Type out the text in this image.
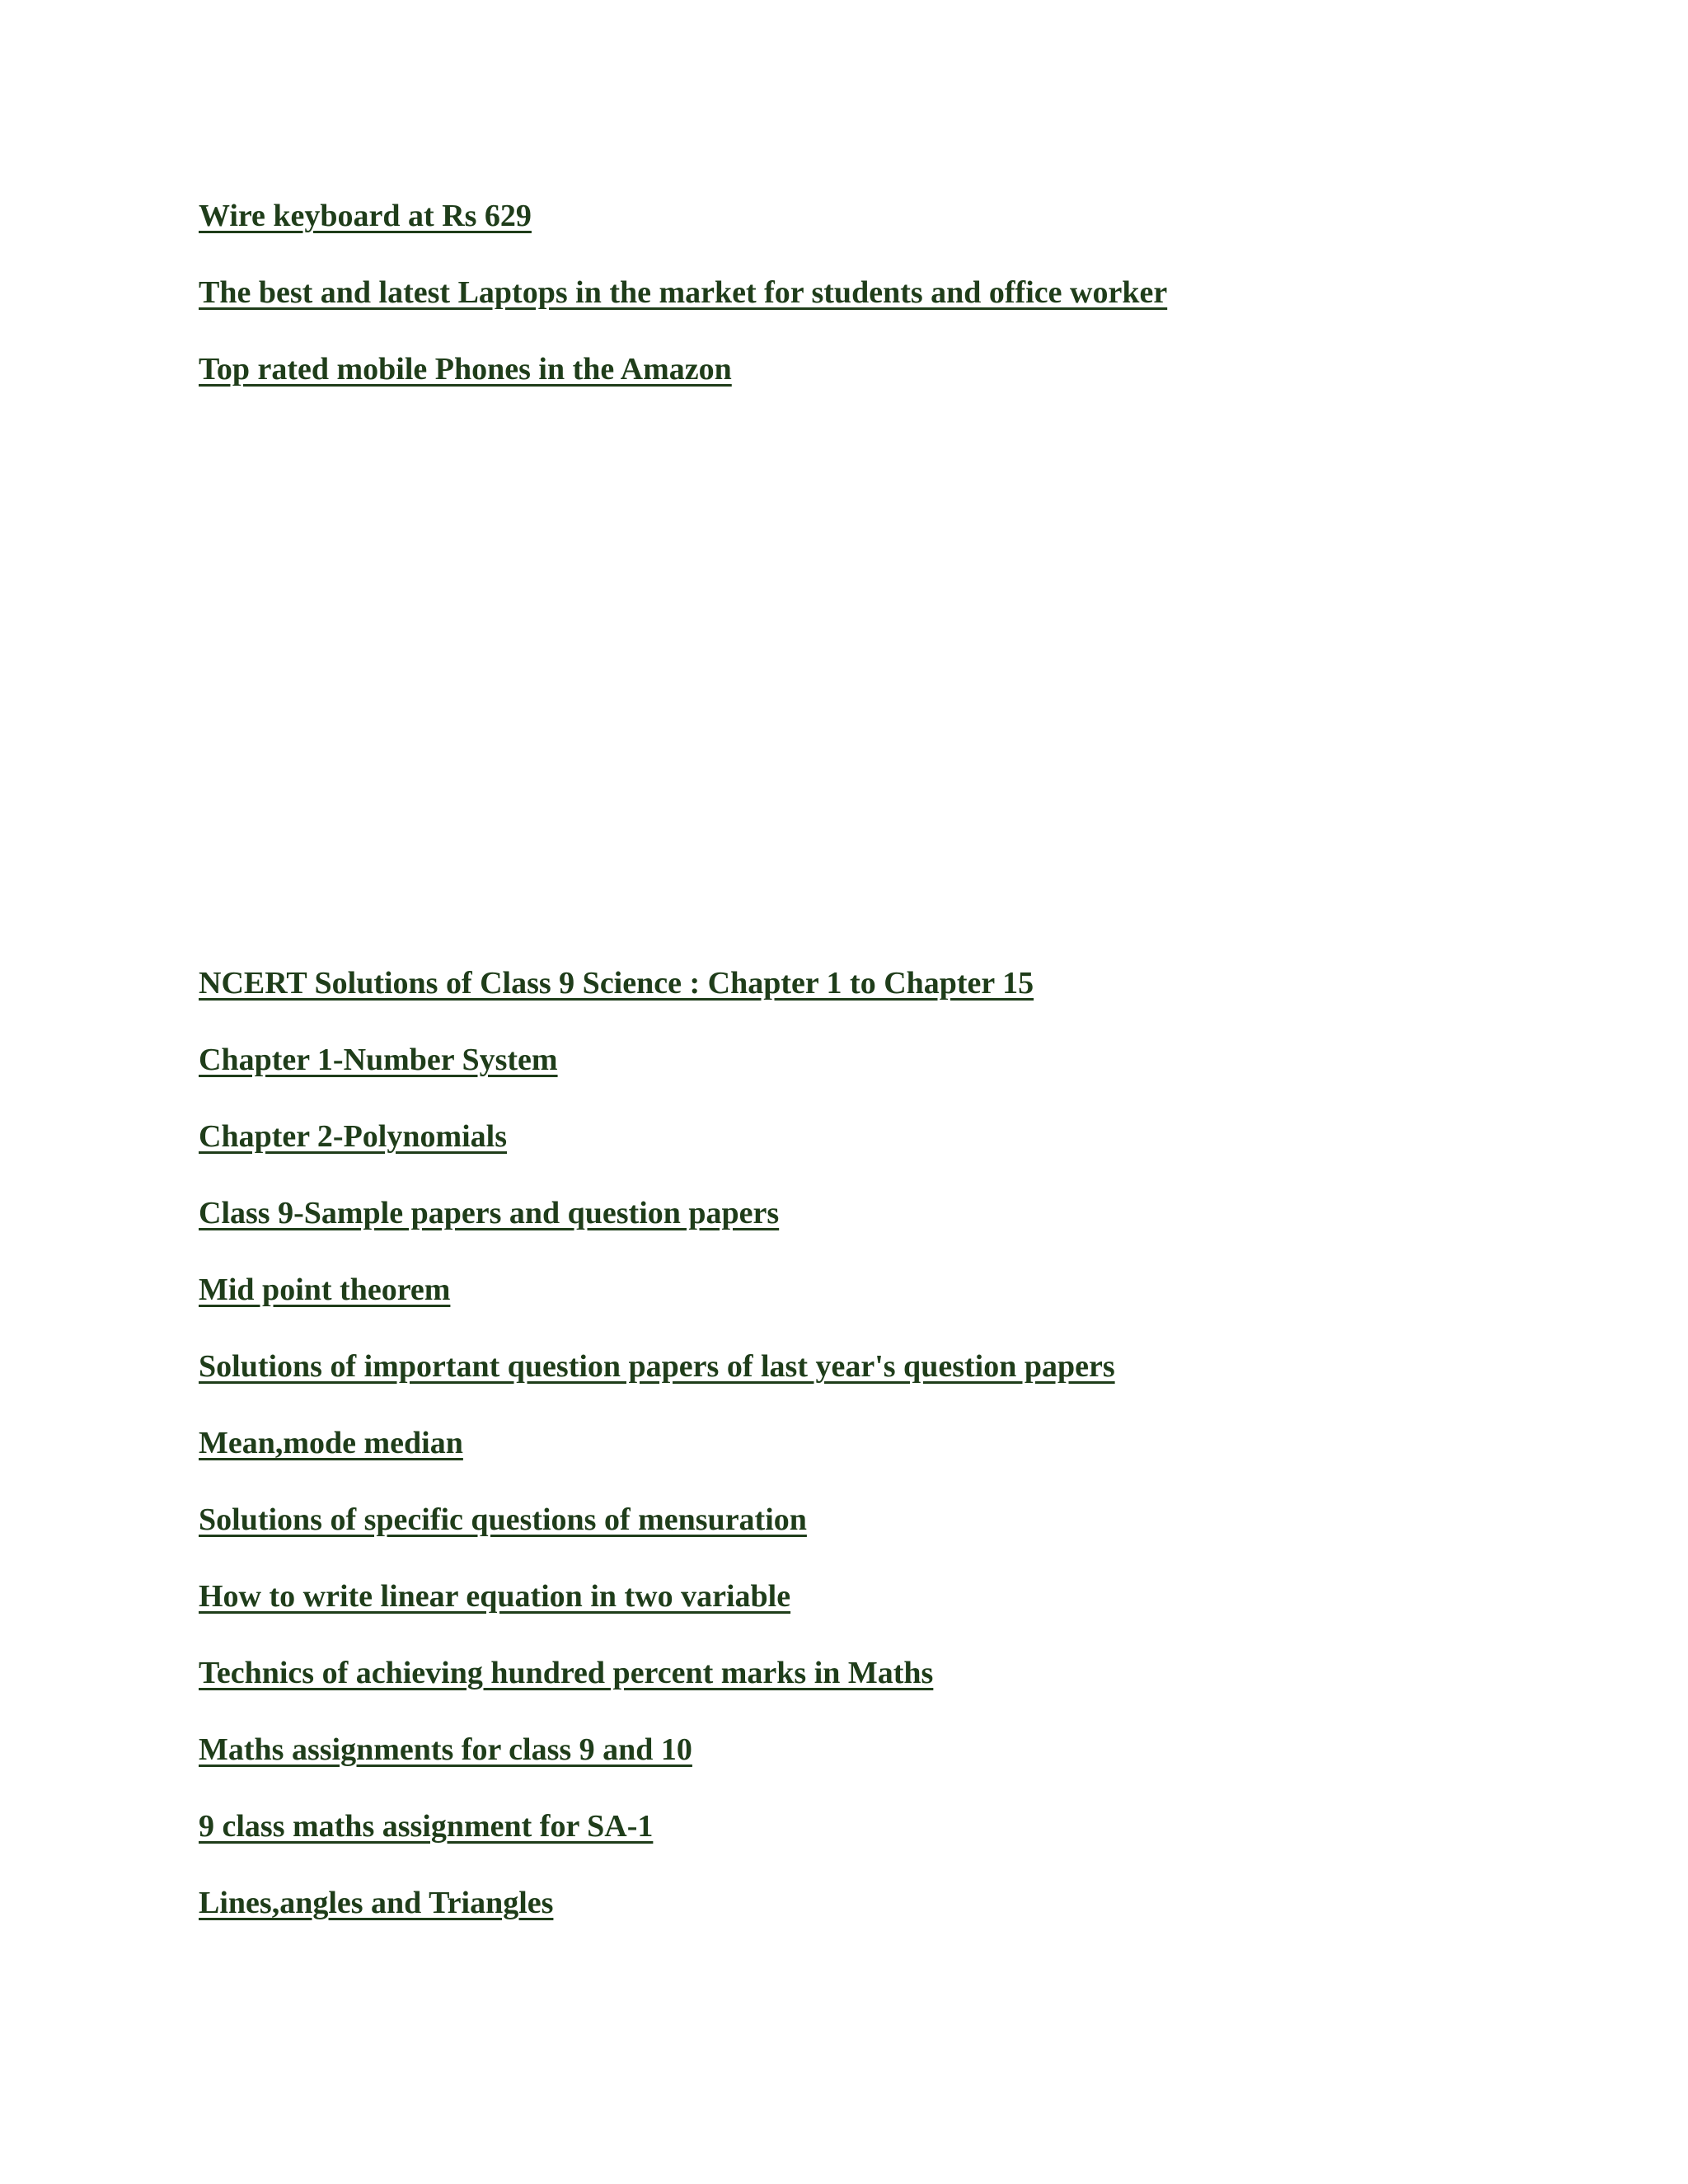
Wire keyboard at Rs 629
The best and latest Laptops in the market for students and office worker
Top rated mobile Phones in the Amazon
NCERT Solutions of Class 9 Science : Chapter 1 to Chapter 15
Chapter 1-Number System
Chapter 2-Polynomials
Class 9-Sample papers and question papers
Mid point theorem
Solutions of important question papers of last year's question papers
Mean,mode median
Solutions of specific questions of mensuration
How to write linear equation in two variable
Technics of achieving hundred percent marks in Maths
Maths assignments for class 9 and 10
9 class maths assignment for SA-1
Lines,angles and Triangles
